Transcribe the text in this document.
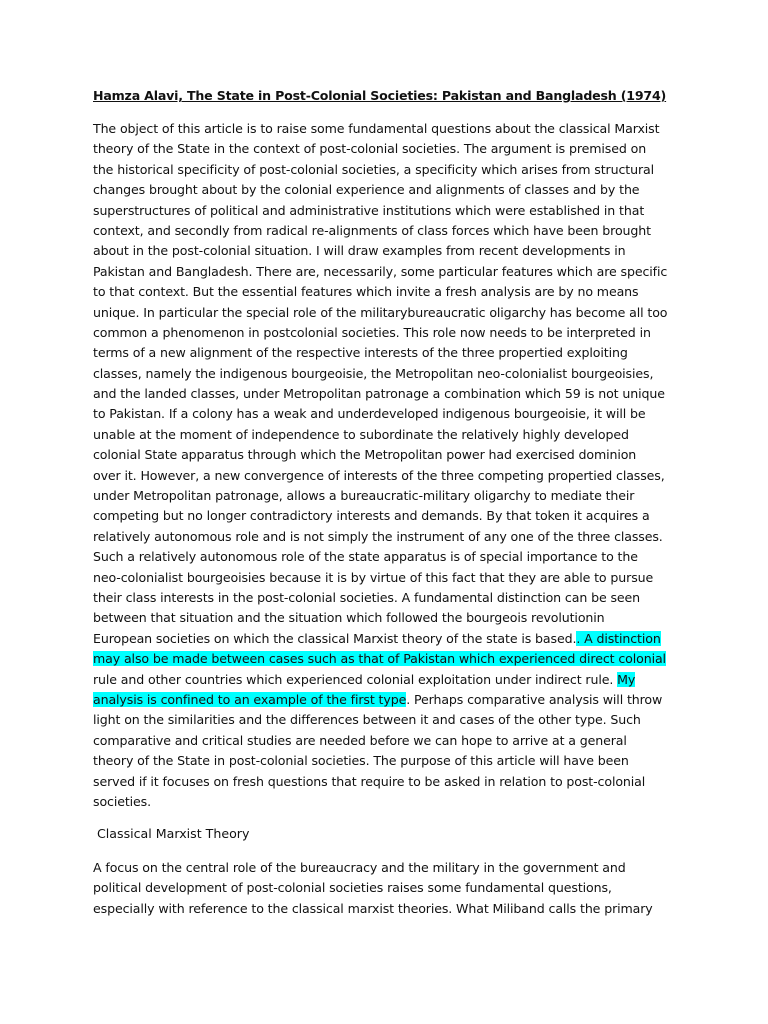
Hamza Alavi, The State in Post-Colonial Societies: Pakistan and Bangladesh (1974)
The object of this article is to raise some fundamental questions about the classical Marxist
theory of the State in the context of post-colonial societies. The argument is premised on
the historical specificity of post-colonial societies, a specificity which arises from structural
changes brought about by the colonial experience and alignments of classes and by the
superstructures of political and administrative institutions which were established in that
context, and secondly from radical re-alignments of class forces which have been brought
about in the post-colonial situation. I will draw examples from recent developments in
Pakistan and Bangladesh. There are, necessarily, some particular features which are specific
to that context. But the essential features which invite a fresh analysis are by no means
unique. In particular the special role of the militarybureaucratic oligarchy has become all too
common a phenomenon in postcolonial societies. This role now needs to be interpreted in
terms of a new alignment of the respective interests of the three propertied exploiting
classes, namely the indigenous bourgeoisie, the Metropolitan neo-colonialist bourgeoisies,
and the landed classes, under Metropolitan patronage a combination which 59 is not unique
to Pakistan. If a colony has a weak and underdeveloped indigenous bourgeoisie, it will be
unable at the moment of independence to subordinate the relatively highly developed
colonial State apparatus through which the Metropolitan power had exercised dominion
over it. However, a new convergence of interests of the three competing propertied classes,
under Metropolitan patronage, allows a bureaucratic-military oligarchy to mediate their
competing but no longer contradictory interests and demands. By that token it acquires a
relatively autonomous role and is not simply the instrument of any one of the three classes.
Such a relatively autonomous role of the state apparatus is of special importance to the
neo-colonialist bourgeoisies because it is by virtue of this fact that they are able to pursue
their class interests in the post-colonial societies. A fundamental distinction can be seen
between that situation and the situation which followed the bourgeois revolutionin
European societies on which the classical Marxist theory of the state is based.. A distinction
may also be made between cases such as that of Pakistan which experienced direct colonial
rule and other countries which experienced colonial exploitation under indirect rule. My
analysis is confined to an example of the first type. Perhaps comparative analysis will throw
light on the similarities and the differences between it and cases of the other type. Such
comparative and critical studies are needed before we can hope to arrive at a general
theory of the State in post-colonial societies. The purpose of this article will have been
served if it focuses on fresh questions that require to be asked in relation to post-colonial
societies.
Classical Marxist Theory
A focus on the central role of the bureaucracy and the military in the government and
political development of post-colonial societies raises some fundamental questions,
especially with reference to the classical marxist theories. What Miliband calls the primary
